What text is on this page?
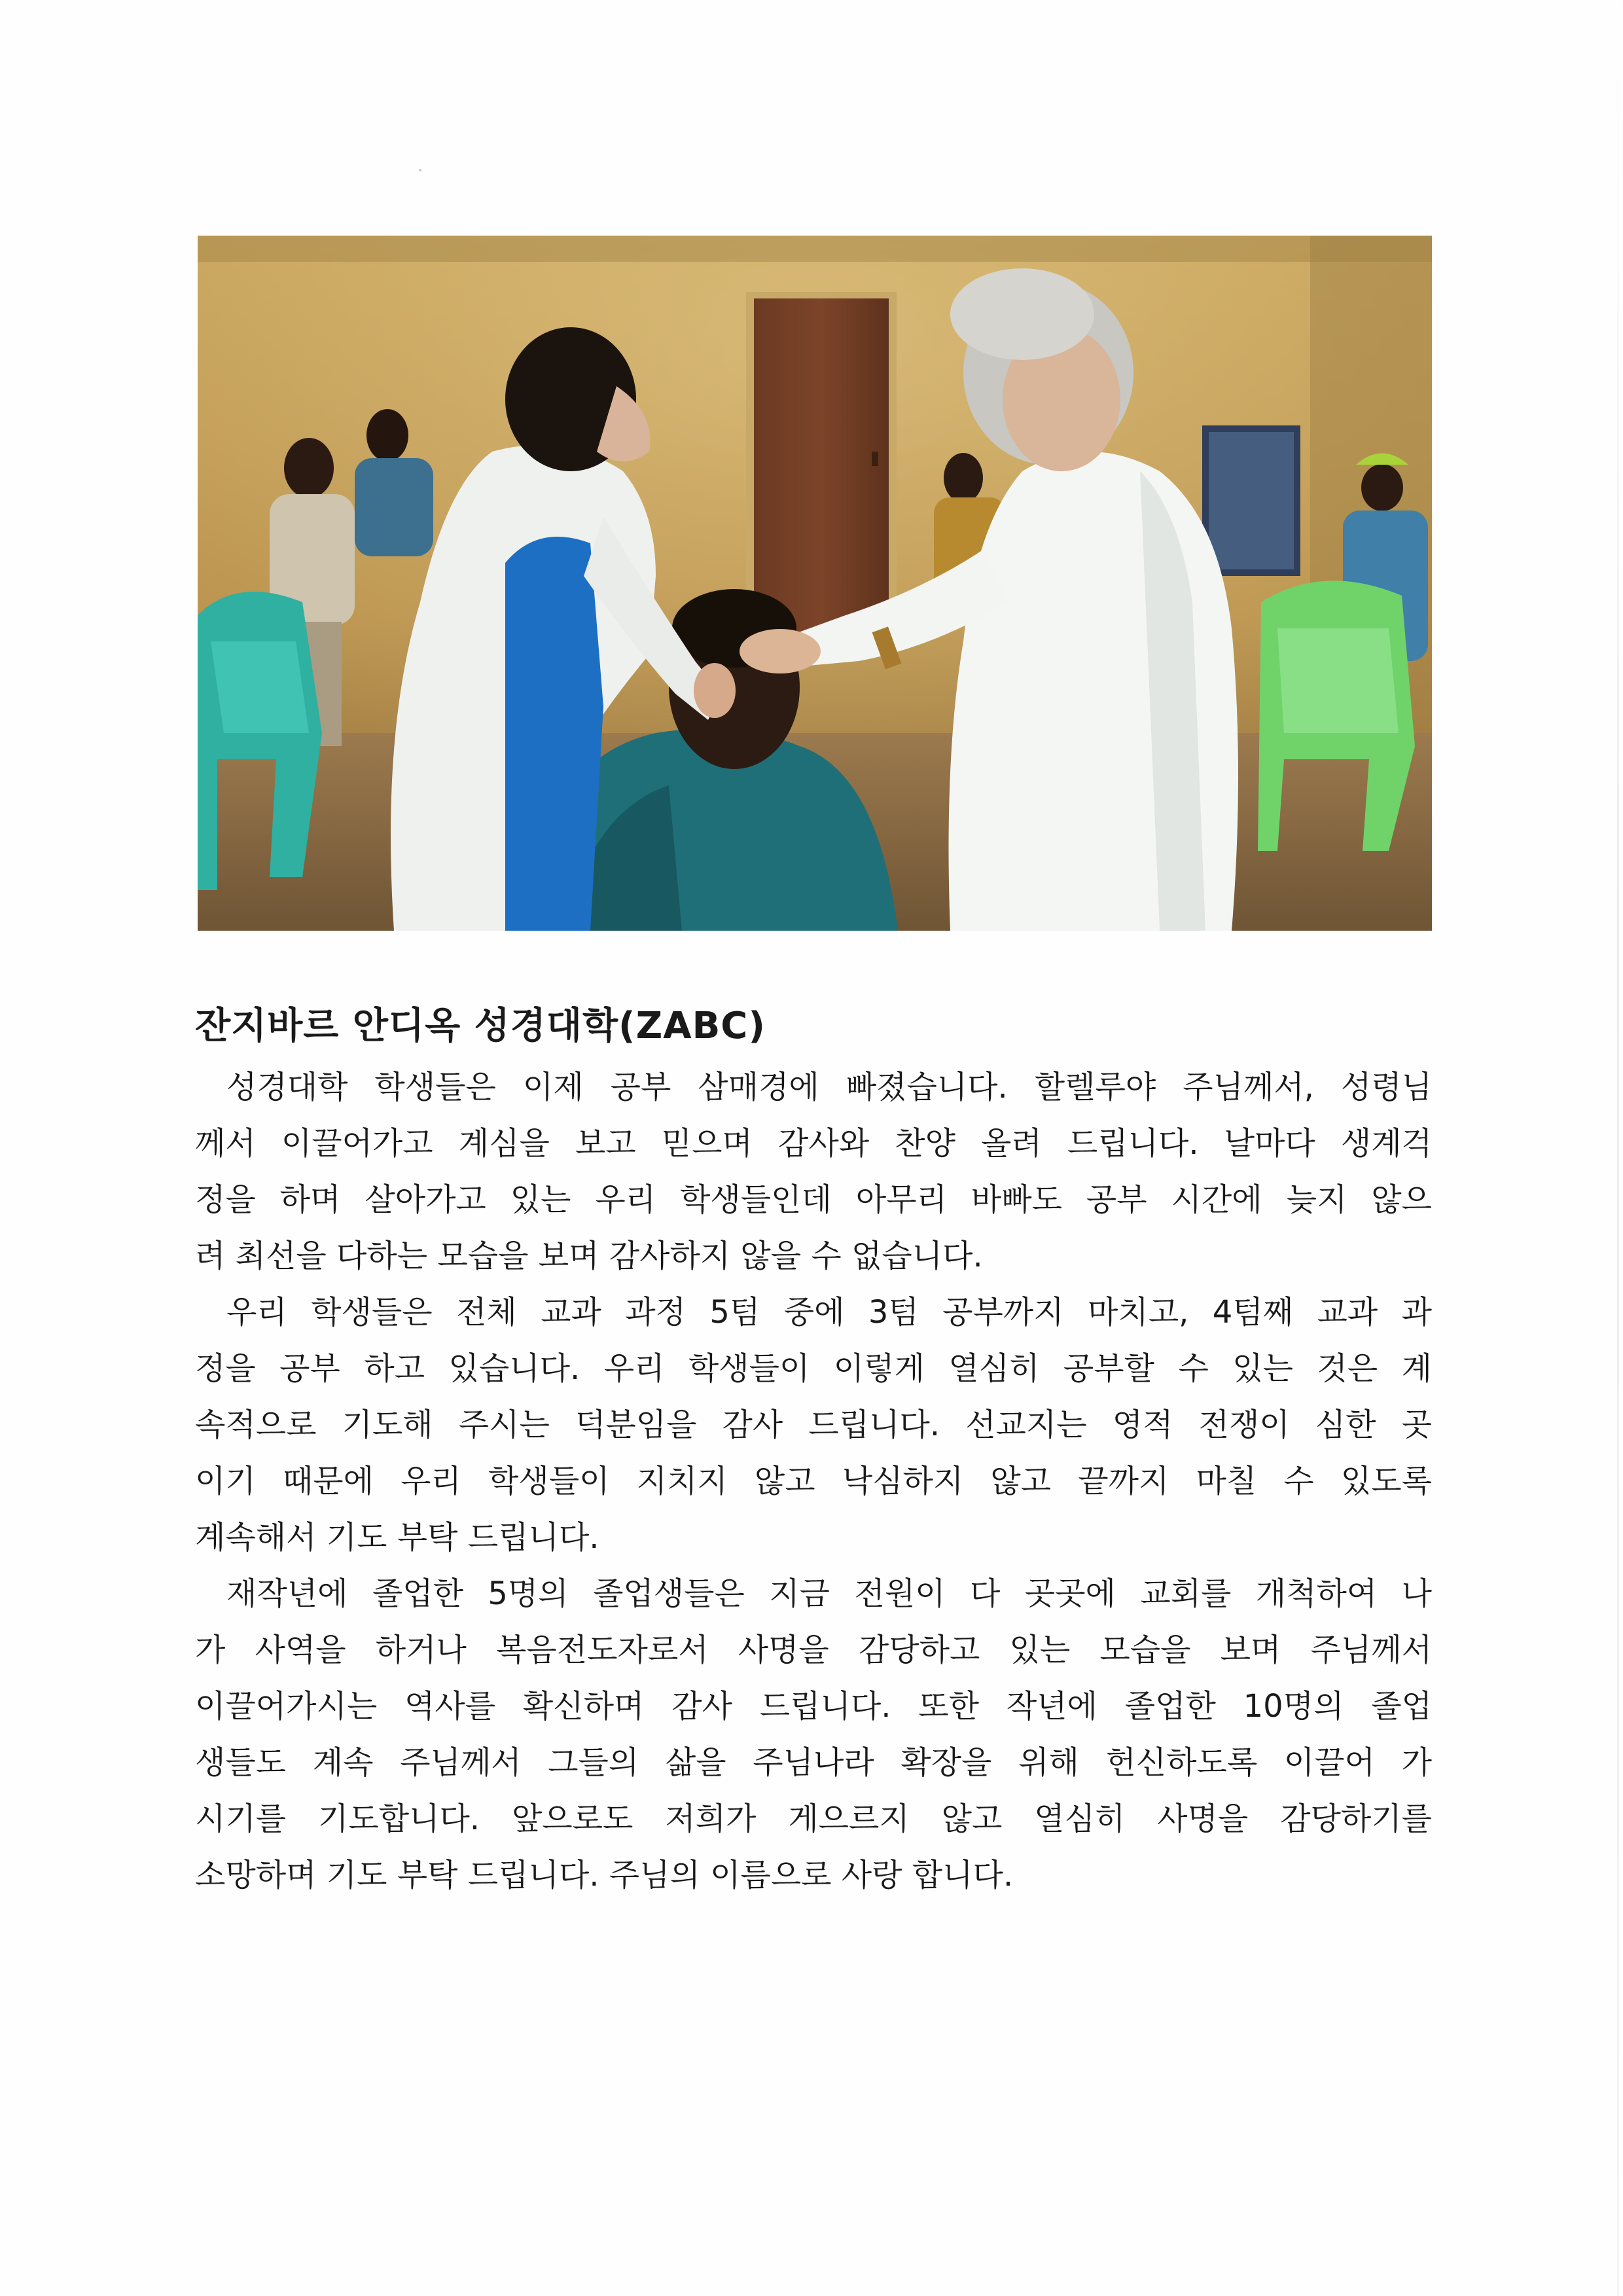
잔지바르 안디옥 성경대학(ZABC)
성경대학 학생들은 이제 공부 삼매경에 빠졌습니다. 할렐루야 주님께서, 성령님
께서 이끌어가고 계심을 보고 믿으며 감사와 찬양 올려 드립니다. 날마다 생계걱
정을 하며 살아가고 있는 우리 학생들인데 아무리 바빠도 공부 시간에 늦지 않으
려 최선을 다하는 모습을 보며 감사하지 않을 수 없습니다.
우리 학생들은 전체 교과 과정 5텀 중에 3텀 공부까지 마치고, 4텀째 교과 과
정을 공부 하고 있습니다. 우리 학생들이 이렇게 열심히 공부할 수 있는 것은 계
속적으로 기도해 주시는 덕분임을 감사 드립니다. 선교지는 영적 전쟁이 심한 곳
이기 때문에 우리 학생들이 지치지 않고 낙심하지 않고 끝까지 마칠 수 있도록
계속해서 기도 부탁 드립니다.
재작년에 졸업한 5명의 졸업생들은 지금 전원이 다 곳곳에 교회를 개척하여 나
가 사역을 하거나 복음전도자로서 사명을 감당하고 있는 모습을 보며 주님께서
이끌어가시는 역사를 확신하며 감사 드립니다. 또한 작년에 졸업한 10명의 졸업
생들도 계속 주님께서 그들의 삶을 주님나라 확장을 위해 헌신하도록 이끌어 가
시기를 기도합니다. 앞으로도 저희가 게으르지 않고 열심히 사명을 감당하기를
소망하며 기도 부탁 드립니다. 주님의 이름으로 사랑 합니다.
